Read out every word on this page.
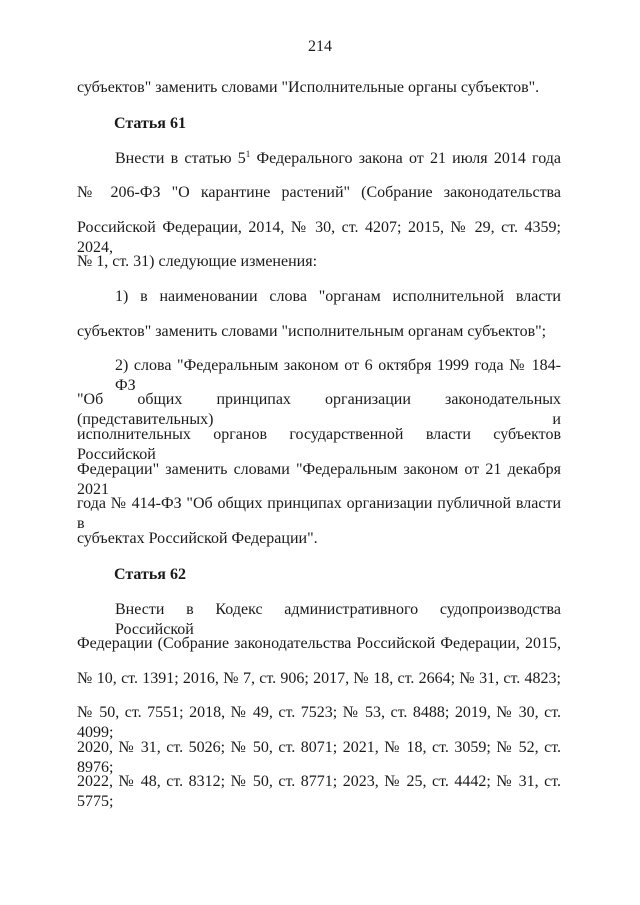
214
субъектов" заменить словами "Исполнительные органы субъектов".
Статья 61
Внести в статью $5^1$ Федерального закона от 21 июля 2014 года
№ 206-ФЗ "О карантине растений" (Собрание законодательства
Российской Федерации, 2014, № 30, ст. 4207; 2015, № 29, ст. 4359; 2024,
№ 1, ст. 31) следующие изменения:
1) в наименовании слова "органам исполнительной власти
субъектов" заменить словами "исполнительным органам субъектов";
2) слова "Федеральным законом от 6 октября 1999 года № 184-ФЗ
"Об общих принципах организации законодательных (представительных) и
исполнительных органов государственной власти субъектов Российской
Федерации" заменить словами "Федеральным законом от 21 декабря 2021
года № 414-ФЗ "Об общих принципах организации публичной власти в
субъектах Российской Федерации".
Статья 62
Внести в Кодекс административного судопроизводства Российской
Федерации (Собрание законодательства Российской Федерации, 2015,
№ 10, ст. 1391; 2016, № 7, ст. 906; 2017, № 18, ст. 2664; № 31, ст. 4823;
№ 50, ст. 7551; 2018, № 49, ст. 7523; № 53, ст. 8488; 2019, № 30, ст. 4099;
2020, № 31, ст. 5026; № 50, ст. 8071; 2021, № 18, ст. 3059; № 52, ст. 8976;
2022, № 48, ст. 8312; № 50, ст. 8771; 2023, № 25, ст. 4442; № 31, ст. 5775;
